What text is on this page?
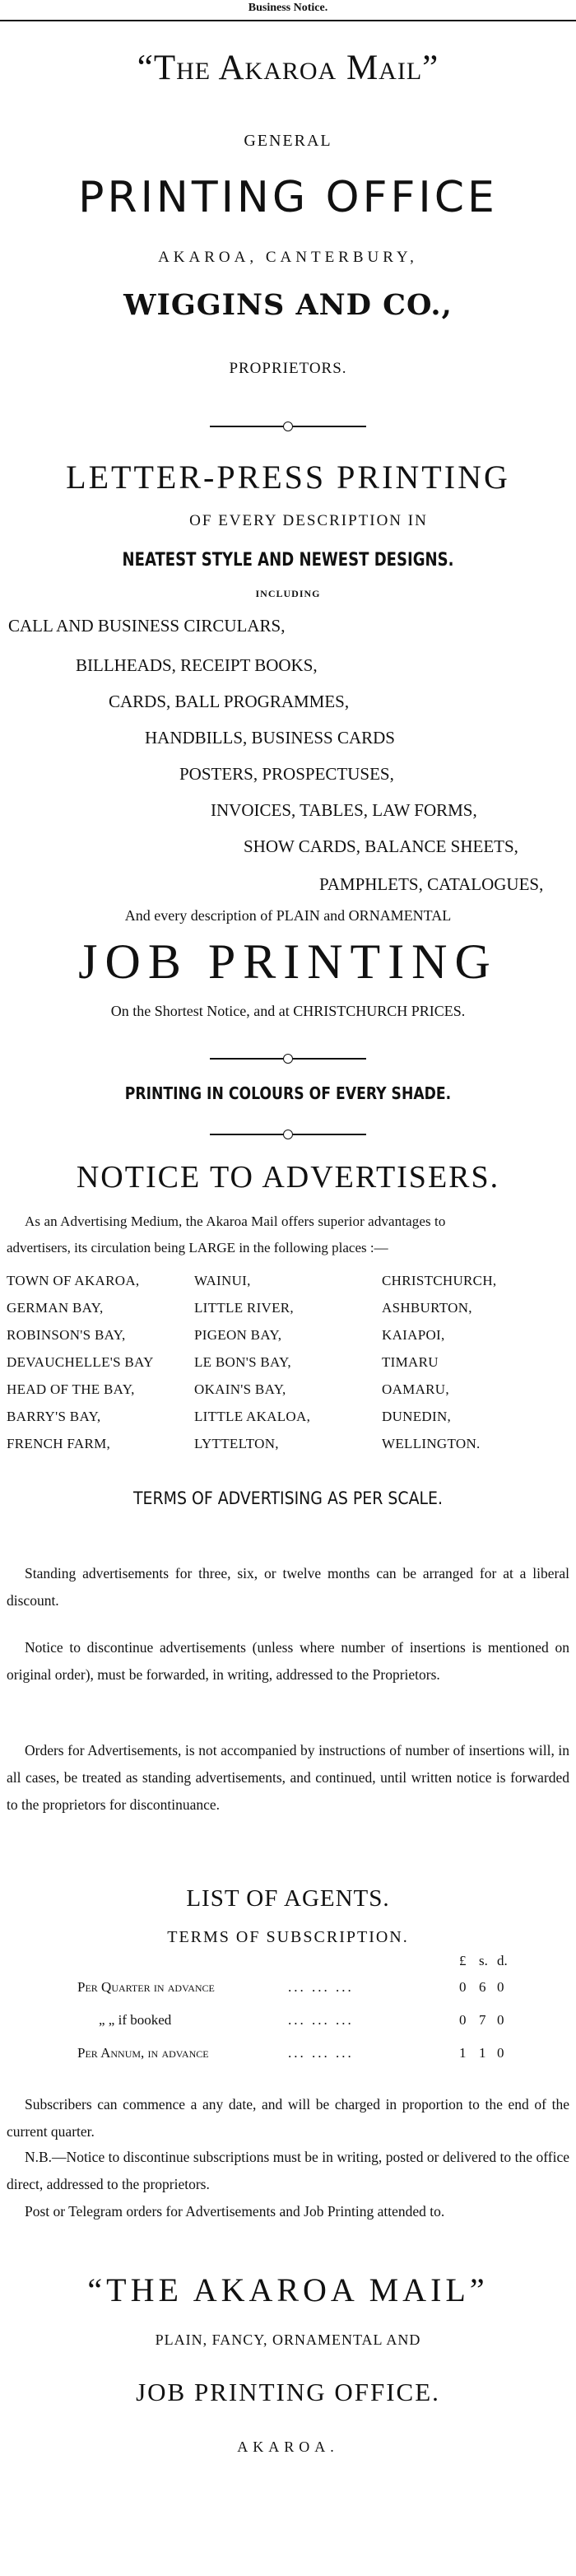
Business Notice.
“The Akaroa Mail”
GENERAL
PRINTING OFFICE
AKAROA, CANTERBURY,
WIGGINS AND CO.,
PROPRIETORS.
LETTER-PRESS PRINTING
OF EVERY DESCRIPTION IN
NEATEST STYLE AND NEWEST DESIGNS.
INCLUDING
CALL AND BUSINESS CIRCULARS,
BILLHEADS, RECEIPT BOOKS,
CARDS, BALL PROGRAMMES,
HANDBILLS, BUSINESS CARDS
POSTERS, PROSPECTUSES,
INVOICES, TABLES, LAW FORMS,
SHOW CARDS, BALANCE SHEETS,
PAMPHLETS, CATALOGUES,
And every description of PLAIN and ORNAMENTAL
JOB PRINTING
On the Shortest Notice, and at CHRISTCHURCH PRICES.
PRINTING IN COLOURS OF EVERY SHADE.
NOTICE TO ADVERTISERS.
As an Advertising Medium, the Akaroa Mail offers superior advantages to
advertisers, its circulation being LARGE in the following places :—
TOWN OF AKAROA,	WAINUI,	CHRISTCHURCH,
GERMAN BAY,	LITTLE RIVER,	ASHBURTON,
ROBINSON'S BAY,	PIGEON BAY,	KAIAPOI,
DEVAUCHELLE'S BAY	LE BON'S BAY,	TIMARU
HEAD OF THE BAY,	OKAIN'S BAY,	OAMARU,
BARRY'S BAY,	LITTLE AKALOA,	DUNEDIN,
FRENCH FARM,	LYTTELTON,	WELLINGTON.
TERMS OF ADVERTISING AS PER SCALE.
Standing advertisements for three, six, or twelve months can be arranged for at a liberal discount.
Notice to discontinue advertisements (unless where number of insertions is mentioned on original order), must be forwarded, in writing, addressed to the Proprietors.
Orders for Advertisements, is not accompanied by instructions of number of insertions will, in all cases, be treated as standing advertisements, and continued, until written notice is forwarded to the proprietors for discontinuance.
LIST OF AGENTS.
TERMS OF SUBSCRIPTION.
£ s. d.
Per Quarter in advance	... ... ...	0 6 0
„ „ if booked	... ... ...	0 7 0
Per Annum, in advance	... ... ...	1 1 0
Subscribers can commence a any date, and will be charged in proportion to the end of the current quarter.
N.B.—Notice to discontinue subscriptions must be in writing, posted or delivered to the office direct, addressed to the proprietors.
Post or Telegram orders for Advertisements and Job Printing attended to.
“THE AKAROA MAIL”
PLAIN, FANCY, ORNAMENTAL AND
JOB PRINTING OFFICE.
AKAROA.
